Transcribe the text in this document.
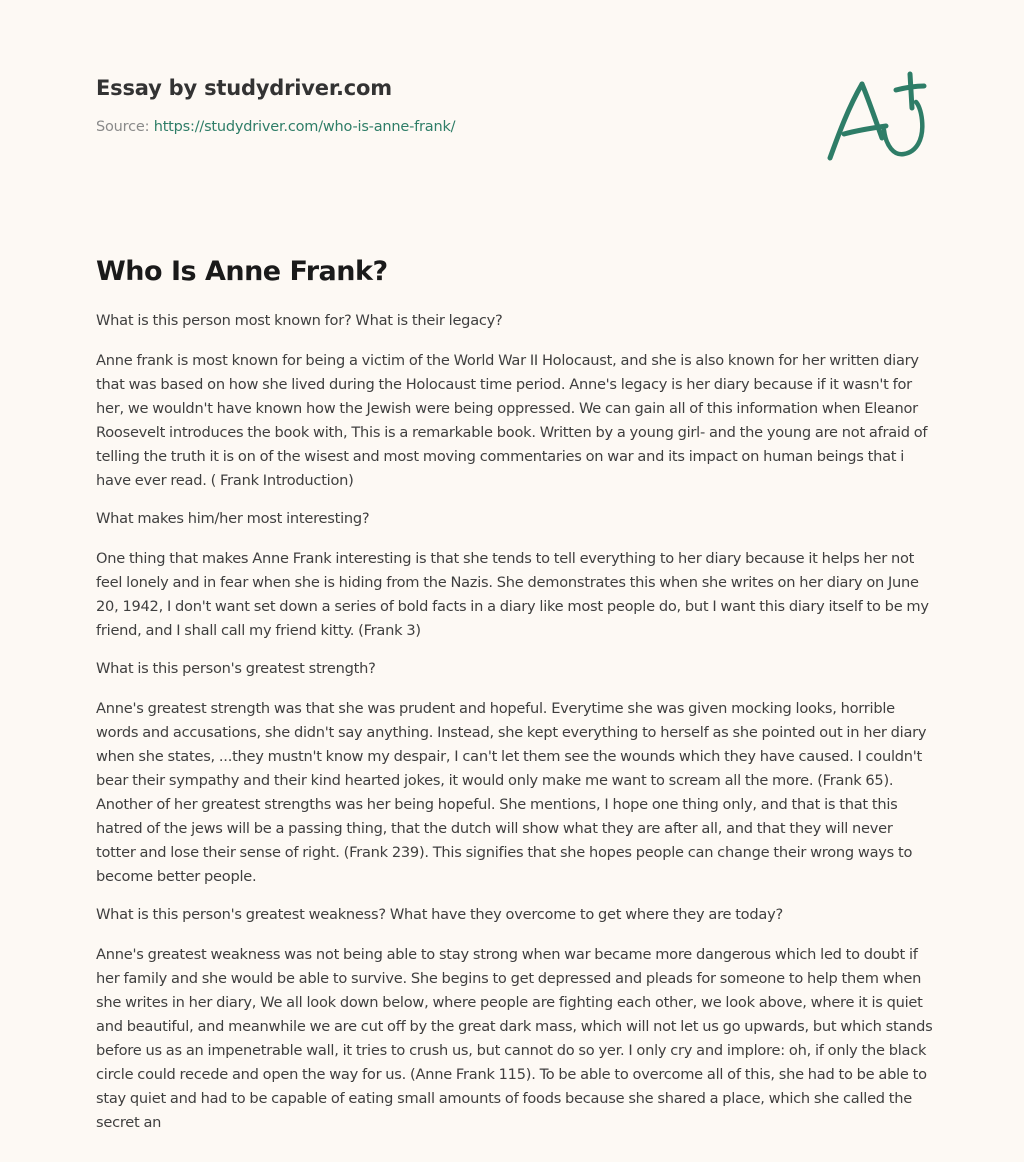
Essay by studydriver.com
Source: https://studydriver.com/who-is-anne-frank/
Who Is Anne Frank?

What is this person most known for? What is their legacy?

Anne frank is most known for being a victim of the World War II Holocaust, and she is also known for her written diary that was based on how she lived during the Holocaust time period. Anne's legacy is her diary because if it wasn't for her, we wouldn't have known how the Jewish were being oppressed. We can gain all of this information when Eleanor Roosevelt introduces the book with, This is a remarkable book. Written by a young girl- and the young are not afraid of telling the truth it is on of the wisest and most moving commentaries on war and its impact on human beings that i have ever read. ( Frank Introduction)

What makes him/her most interesting?

One thing that makes Anne Frank interesting is that she tends to tell everything to her diary because it helps her not feel lonely and in fear when she is hiding from the Nazis. She demonstrates this when she writes on her diary on June 20, 1942, I don't want set down a series of bold facts in a diary like most people do, but I want this diary itself to be my friend, and I shall call my friend kitty. (Frank 3)

What is this person's greatest strength?

Anne's greatest strength was that she was prudent and hopeful. Everytime she was given mocking looks, horrible words and accusations, she didn't say anything. Instead, she kept everything to herself as she pointed out in her diary when she states, ...they mustn't know my despair, I can't let them see the wounds which they have caused. I couldn't bear their sympathy and their kind hearted jokes, it would only make me want to scream all the more. (Frank 65). Another of her greatest strengths was her being hopeful. She mentions, I hope one thing only, and that is that this hatred of the jews will be a passing thing, that the dutch will show what they are after all, and that they will never totter and lose their sense of right. (Frank 239). This signifies that she hopes people can change their wrong ways to become better people.

What is this person's greatest weakness? What have they overcome to get where they are today?

Anne's greatest weakness was not being able to stay strong when war became more dangerous which led to doubt if her family and she would be able to survive. She begins to get depressed and pleads for someone to help them when she writes in her diary, We all look down below, where people are fighting each other, we look above, where it is quiet and beautiful, and meanwhile we are cut off by the great dark mass, which will not let us go upwards, but which stands before us as an impenetrable wall, it tries to crush us, but cannot do so yer. I only cry and implore: oh, if only the black circle could recede and open the way for us. (Anne Frank 115). To be able to overcome all of this, she had to be able to stay quiet and had to be capable of eating small amounts of foods because she shared a place, which she called the secret an
